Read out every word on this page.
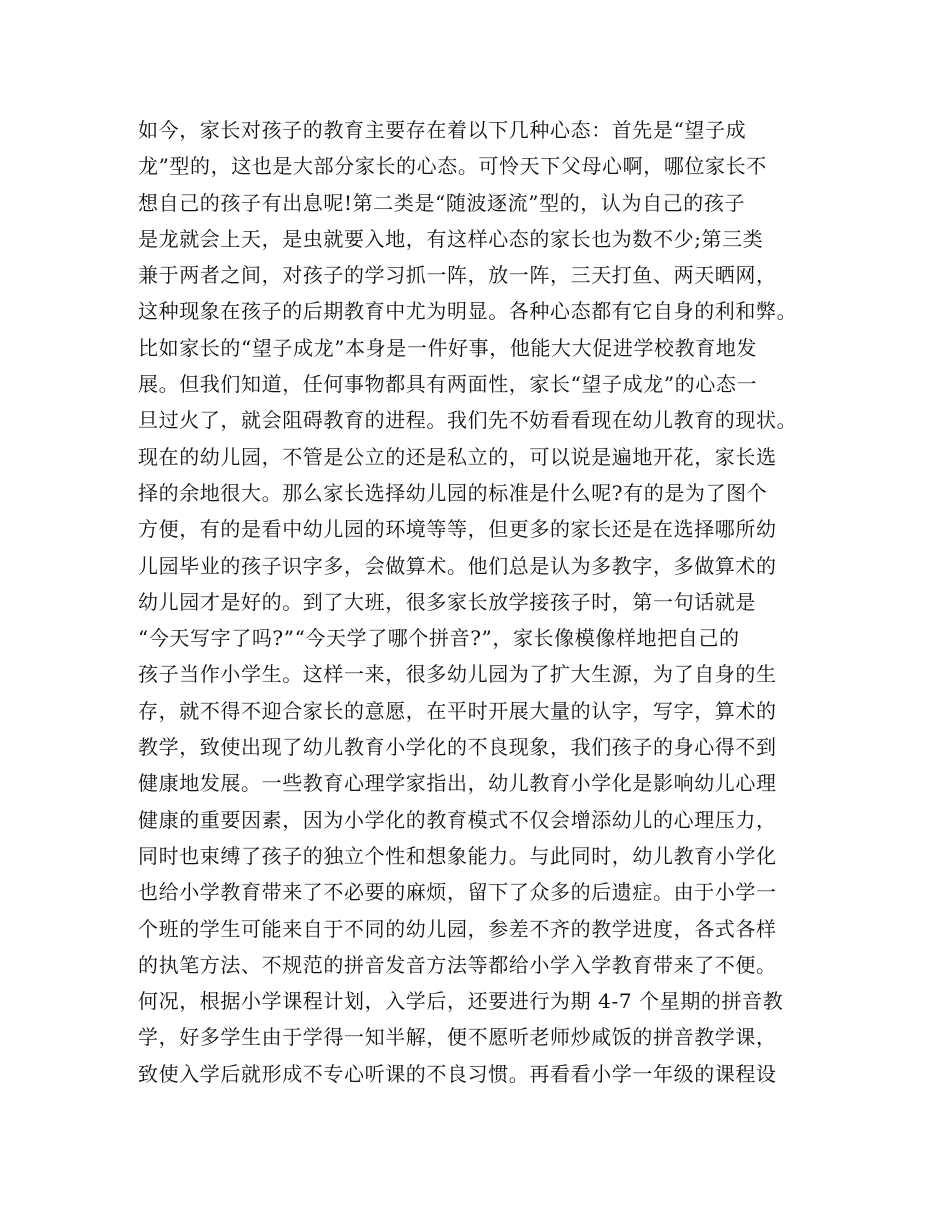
如今，家长对孩子的教育主要存在着以下几种心态：首先是“望子成
龙”型的，这也是大部分家长的心态。可怜天下父母心啊，哪位家长不
想自己的孩子有出息呢!第二类是“随波逐流”型的，认为自己的孩子
是龙就会上天，是虫就要入地，有这样心态的家长也为数不少;第三类
兼于两者之间，对孩子的学习抓一阵，放一阵，三天打鱼、两天晒网，
这种现象在孩子的后期教育中尤为明显。各种心态都有它自身的利和弊。
比如家长的“望子成龙”本身是一件好事，他能大大促进学校教育地发
展。但我们知道，任何事物都具有两面性，家长“望子成龙”的心态一
旦过火了，就会阻碍教育的进程。我们先不妨看看现在幼儿教育的现状。
现在的幼儿园，不管是公立的还是私立的，可以说是遍地开花，家长选
择的余地很大。那么家长选择幼儿园的标准是什么呢?有的是为了图个
方便，有的是看中幼儿园的环境等等，但更多的家长还是在选择哪所幼
儿园毕业的孩子识字多，会做算术。他们总是认为多教字，多做算术的
幼儿园才是好的。到了大班，很多家长放学接孩子时，第一句话就是
“今天写字了吗?”“今天学了哪个拼音?”，家长像模像样地把自己的
孩子当作小学生。这样一来，很多幼儿园为了扩大生源，为了自身的生
存，就不得不迎合家长的意愿，在平时开展大量的认字，写字，算术的
教学，致使出现了幼儿教育小学化的不良现象，我们孩子的身心得不到
健康地发展。一些教育心理学家指出，幼儿教育小学化是影响幼儿心理
健康的重要因素，因为小学化的教育模式不仅会增添幼儿的心理压力，
同时也束缚了孩子的独立个性和想象能力。与此同时，幼儿教育小学化
也给小学教育带来了不必要的麻烦，留下了众多的后遗症。由于小学一
个班的学生可能来自于不同的幼儿园，参差不齐的教学进度，各式各样
的执笔方法、不规范的拼音发音方法等都给小学入学教育带来了不便。
何况，根据小学课程计划，入学后，还要进行为期 4-7 个星期的拼音教
学，好多学生由于学得一知半解，便不愿听老师炒咸饭的拼音教学课，
致使入学后就形成不专心听课的不良习惯。再看看小学一年级的课程设
